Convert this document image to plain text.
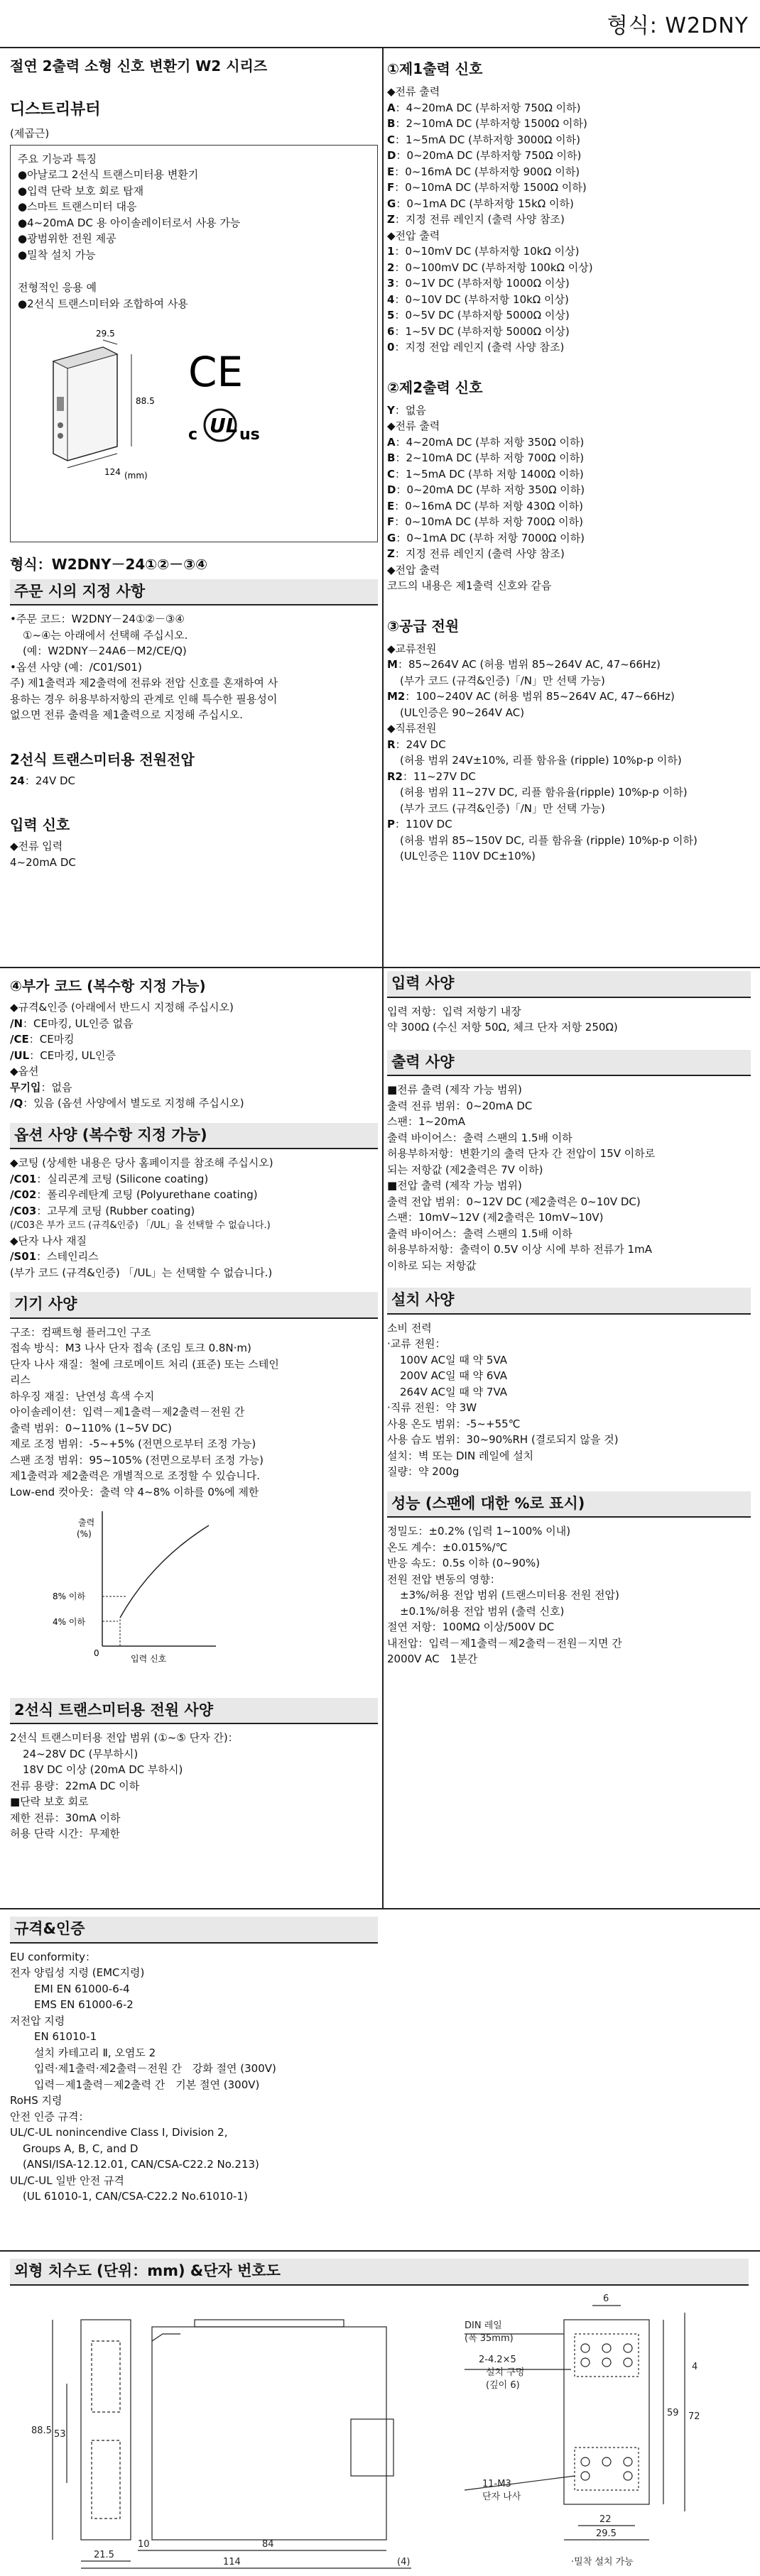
형식: W2DNY
절연 2출력 소형 신호 변환기 W2 시리즈
디스트리뷰터
(제곱근)
주요 기능과 특징
●아날로그 2선식 트랜스미터용 변환기
●입력 단락 보호 회로 탑재
●스마트 트랜스미터 대응
●4~20mA DC 용 아이솔레이터로서 사용 가능
●광범위한 전원 제공
●밀착 설치 가능
전형적인 응용 예
●2선식 트랜스미터와 조합하여 사용
29.5
88.5
124 (mm)
CE
c UL us
형식：W2DNY－24①②－③④
주문 시의 지정 사항
•주문 코드：W2DNY－24①②－③④
①~④는 아래에서 선택해 주십시오.
(예：W2DNY－24A6－M2/CE/Q)
•옵션 사양 (예：/C01/S01)
주) 제1출력과 제2출력에 전류와 전압 신호를 혼재하여 사
용하는 경우 허용부하저항의 관계로 인해 특수한 필용성이
없으면 전류 출력을 제1출력으로 지정해 주십시오.
2선식 트랜스미터용 전원전압
24：24V DC
입력 신호
◆전류 입력
4~20mA DC
①제1출력 신호
◆전류 출력
A：4~20mA DC (부하저항 750Ω 이하)
B：2~10mA DC (부하저항 1500Ω 이하)
C：1~5mA DC (부하저항 3000Ω 이하)
D：0~20mA DC (부하저항 750Ω 이하)
E：0~16mA DC (부하저항 900Ω 이하)
F：0~10mA DC (부하저항 1500Ω 이하)
G：0~1mA DC (부하저항 15kΩ 이하)
Z：지정 전류 레인지 (출력 사양 참조)
◆전압 출력
1：0~10mV DC (부하저항 10kΩ 이상)
2：0~100mV DC (부하저항 100kΩ 이상)
3：0~1V DC (부하저항 1000Ω 이상)
4：0~10V DC (부하저항 10kΩ 이상)
5：0~5V DC (부하저항 5000Ω 이상)
6：1~5V DC (부하저항 5000Ω 이상)
0：지정 전압 레인지 (출력 사양 참조)
②제2출력 신호
Y：없음
◆전류 출력
A：4~20mA DC (부하 저항 350Ω 이하)
B：2~10mA DC (부하 저항 700Ω 이하)
C：1~5mA DC (부하 저항 1400Ω 이하)
D：0~20mA DC (부하 저항 350Ω 이하)
E：0~16mA DC (부하 저항 430Ω 이하)
F：0~10mA DC (부하 저항 700Ω 이하)
G：0~1mA DC (부하 저항 7000Ω 이하)
Z：지정 전류 레인지 (출력 사양 참조)
◆전압 출력
코드의 내용은 제1출력 신호와 같음
③공급 전원
◆교류전원
M：85~264V AC (허용 범위 85~264V AC, 47~66Hz)
(부가 코드 (규격&인증)「/N」만 선택 가능)
M2：100~240V AC (허용 범위 85~264V AC, 47~66Hz)
(UL인증은 90~264V AC)
◆직류전원
R：24V DC
(허용 범위 24V±10%, 리플 함유율 (ripple) 10%p-p 이하)
R2：11~27V DC
(허용 범위 11~27V DC, 리플 함유율(ripple) 10%p-p 이하)
(부가 코드 (규격&인증)「/N」만 선택 가능)
P：110V DC
(허용 범위 85~150V DC, 리플 함유율 (ripple) 10%p-p 이하)
(UL인증은 110V DC±10%)
④부가 코드 (복수항 지정 가능)
◆규격&인증 (아래에서 반드시 지정해 주십시오)
/N：CE마킹, UL인증 없음
/CE：CE마킹
/UL：CE마킹, UL인증
◆옵션
무기입：없음
/Q：있음 (옵션 사양에서 별도로 지정해 주십시오)
옵션 사양 (복수항 지정 가능)
◆코팅 (상세한 내용은 당사 홈페이지를 참조해 주십시오)
/C01：실리콘계 코팅 (Silicone coating)
/C02：폴리우레탄계 코팅 (Polyurethane coating)
/C03：고무계 코팅 (Rubber coating)
(/C03은 부가 코드 (규격&인증) 「/UL」을 선택할 수 없습니다.)
◆단자 나사 재질
/S01：스테인리스
(부가 코드 (규격&인증) 「/UL」는 선택할 수 없습니다.)
기기 사양
구조：컴팩트형 플러그인 구조
접속 방식：M3 나사 단자 접속 (조임 토크 0.8N·m)
단자 나사 재질：철에 크로메이트 처리 (표준) 또는 스테인
리스
하우징 재질：난연성 흑색 수지
아이솔레이션：입력－제1출력－제2출력－전원 간
출력 범위：0~110% (1~5V DC)
제로 조정 범위：-5~+5% (전면으로부터 조정 가능)
스팬 조정 범위：95~105% (전면으로부터 조정 가능)
제1출력과 제2출력은 개별적으로 조정할 수 있습니다.
Low-end 컷아웃：출력 약 4~8% 이하를 0%에 제한
출력
(%)
8% 이하
4% 이하
0
입력 신호
2선식 트랜스미터용 전원 사양
2선식 트랜스미터용 전압 범위 (①~⑤ 단자 간)：
24~28V DC (무부하시)
18V DC 이상 (20mA DC 부하시)
전류 용량：22mA DC 이하
■단락 보호 회로
제한 전류：30mA 이하
허용 단락 시간：무제한
입력 사양
입력 저항：입력 저항기 내장
약 300Ω (수신 저항 50Ω, 체크 단자 저항 250Ω)
출력 사양
■전류 출력 (제작 가능 범위)
출력 전류 범위：0~20mA DC
스팬：1~20mA
출력 바이어스：출력 스팬의 1.5배 이하
허용부하저항：변환기의 출력 단자 간 전압이 15V 이하로
되는 저항값 (제2출력은 7V 이하)
■전압 출력 (제작 가능 범위)
출력 전압 범위：0~12V DC (제2출력은 0~10V DC)
스팬：10mV~12V (제2출력은 10mV~10V)
출력 바이어스：출력 스팬의 1.5배 이하
허용부하저항：출력이 0.5V 이상 시에 부하 전류가 1mA
이하로 되는 저항값
설치 사양
소비 전력
·교류 전원：
100V AC일 때 약 5VA
200V AC일 때 약 6VA
264V AC일 때 약 7VA
·직류 전원：약 3W
사용 온도 범위：-5~+55℃
사용 습도 범위：30~90%RH (결로되지 않을 것)
설치：벽 또는 DIN 레일에 설치
질량：약 200g
성능 (스팬에 대한 %로 표시)
정밀도：±0.2% (입력 1~100% 이내)
온도 계수：±0.015%/℃
반응 속도：0.5s 이하 (0~90%)
전원 전압 변동의 영향：
±3%/허용 전압 범위 (트랜스미터용 전원 전압)
±0.1%/허용 전압 범위 (출력 신호)
절연 저항：100MΩ 이상/500V DC
내전압：입력－제1출력－제2출력－전원－지면 간
2000V AC　1분간
규격&인증
EU conformity：
전자 양립성 지령 (EMC지령)
EMI EN 61000-6-4
EMS EN 61000-6-2
저전압 지령
EN 61010-1
설치 카테고리 Ⅱ, 오염도 2
입력·제1출력·제2출력－전원 간　강화 절연 (300V)
입력－제1출력－제2출력 간　기본 절연 (300V)
RoHS 지령
안전 인증 규격：
UL/C-UL nonincendive Class I, Division 2,
Groups A, B, C, and D
(ANSI/ISA-12.12.01, CAN/CSA-C22.2 No.213)
UL/C-UL 일반 안전 규격
(UL 61010-1, CAN/CSA-C22.2 No.61010-1)
외형 치수도 (단위：mm) &단자 번호도
88.5 53
21.5
10	84
114	(4)
6
59 72
4
22
29.5
DIN 레일
(폭 35mm)
2-4.2×5
설치 구멍
(깊이 6)
11-M3
단자 나사
·밀착 설치 가능
